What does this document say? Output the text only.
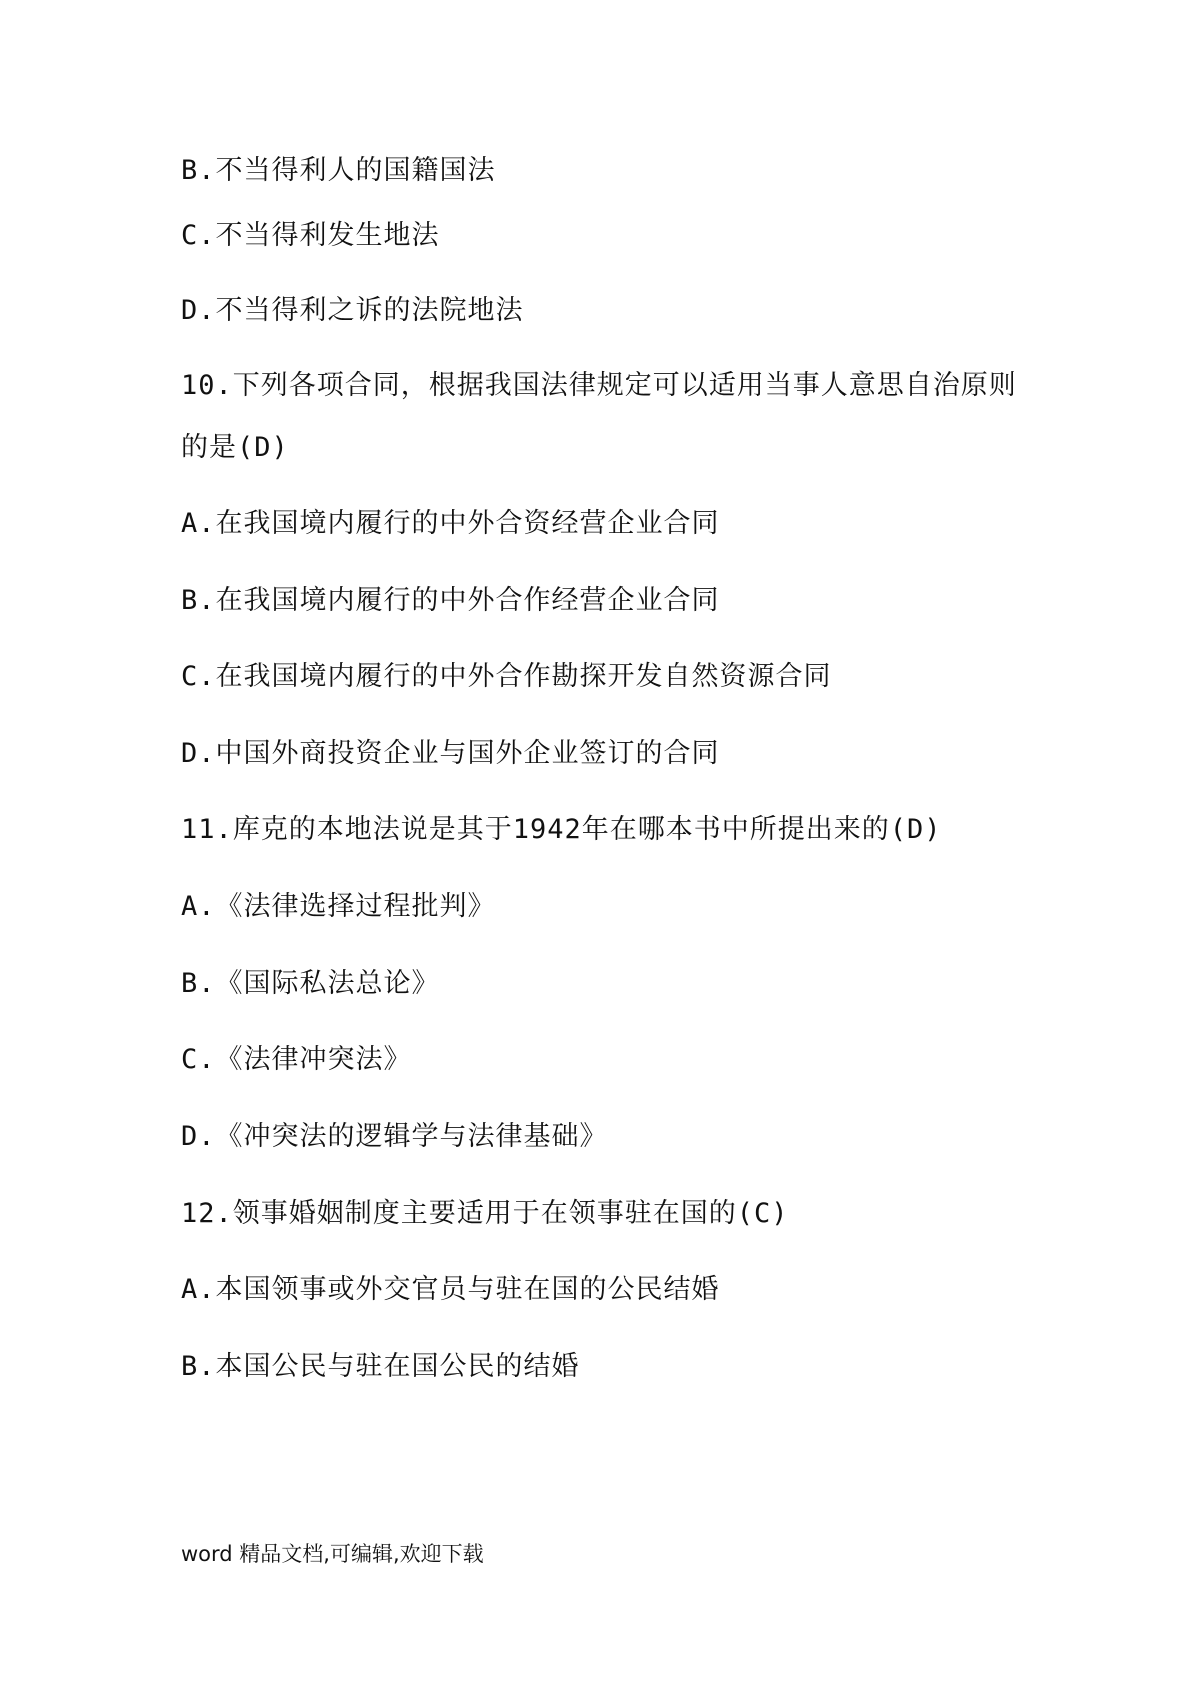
B.不当得利人的国籍国法
C.不当得利发生地法
D.不当得利之诉的法院地法
10.下列各项合同，根据我国法律规定可以适用当事人意思自治原则
的是(D)
A.在我国境内履行的中外合资经营企业合同
B.在我国境内履行的中外合作经营企业合同
C.在我国境内履行的中外合作勘探开发自然资源合同
D.中国外商投资企业与国外企业签订的合同
11.库克的本地法说是其于1942年在哪本书中所提出来的(D)
A.《法律选择过程批判》
B.《国际私法总论》
C.《法律冲突法》
D.《冲突法的逻辑学与法律基础》
12.领事婚姻制度主要适用于在领事驻在国的(C)
A.本国领事或外交官员与驻在国的公民结婚
B.本国公民与驻在国公民的结婚
word 精品文档,可编辑,欢迎下载
